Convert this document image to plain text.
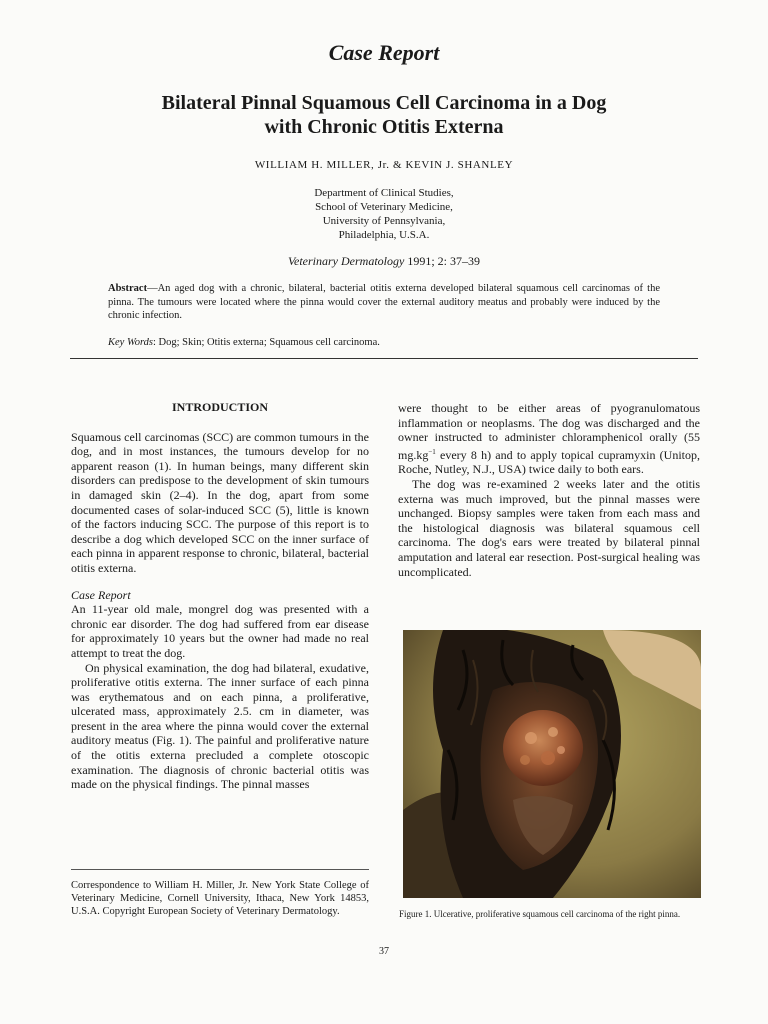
Case Report
Bilateral Pinnal Squamous Cell Carcinoma in a Dog
with Chronic Otitis Externa
WILLIAM H. MILLER, Jr. & KEVIN J. SHANLEY
Department of Clinical Studies,
School of Veterinary Medicine,
University of Pennsylvania,
Philadelphia, U.S.A.
Veterinary Dermatology 1991; 2: 37–39
Abstract—An aged dog with a chronic, bilateral, bacterial otitis externa developed bilateral squamous cell carcinomas of the pinna. The tumours were located where the pinna would cover the external auditory meatus and probably were induced by the chronic infection.
Key Words: Dog; Skin; Otitis externa; Squamous cell carcinoma.
INTRODUCTION

Squamous cell carcinomas (SCC) are common tumours in the dog, and in most instances, the tumours develop for no apparent reason (1). In human beings, many different skin disorders can predispose to the development of skin tumours in damaged skin (2–4). In the dog, apart from some documented cases of solar-induced SCC (5), little is known of the factors inducing SCC. The purpose of this report is to describe a dog which developed SCC on the inner surface of each pinna in apparent response to chronic, bilateral, bacterial otitis externa.

Case Report

An 11-year old male, mongrel dog was presented with a chronic ear disorder. The dog had suffered from ear disease for approximately 10 years but the owner had made no real attempt to treat the dog.

On physical examination, the dog had bilateral, exudative, proliferative otitis externa. The inner surface of each pinna was erythematous and on each pinna, a proliferative, ulcerated mass, approximately 2.5. cm in diameter, was present in the area where the pinna would cover the external auditory meatus (Fig. 1). The painful and proliferative nature of the otitis externa precluded a complete otoscopic examination. The diagnosis of chronic bacterial otitis was made on the physical findings. The pinnal masses

Correspondence to William H. Miller, Jr. New York State College of Veterinary Medicine, Cornell University, Ithaca, New York 14853, U.S.A. Copyright European Society of Veterinary Dermatology.

were thought to be either areas of pyogranulomatous inflammation or neoplasms. The dog was discharged and the owner instructed to administer chloramphenicol orally (55 $mg.kg^{-1}$ every 8 h) and to apply topical cupramyxin (Unitop, Roche, Nutley, N.J., USA) twice daily to both ears.

The dog was re-examined 2 weeks later and the otitis externa was much improved, but the pinnal masses were unchanged. Biopsy samples were taken from each mass and the histological diagnosis was bilateral squamous cell carcinoma. The dog's ears were treated by bilateral pinnal amputation and lateral ear resection. Post-surgical healing was uncomplicated.

Figure 1. Ulcerative, proliferative squamous cell carcinoma of the right pinna.
37
